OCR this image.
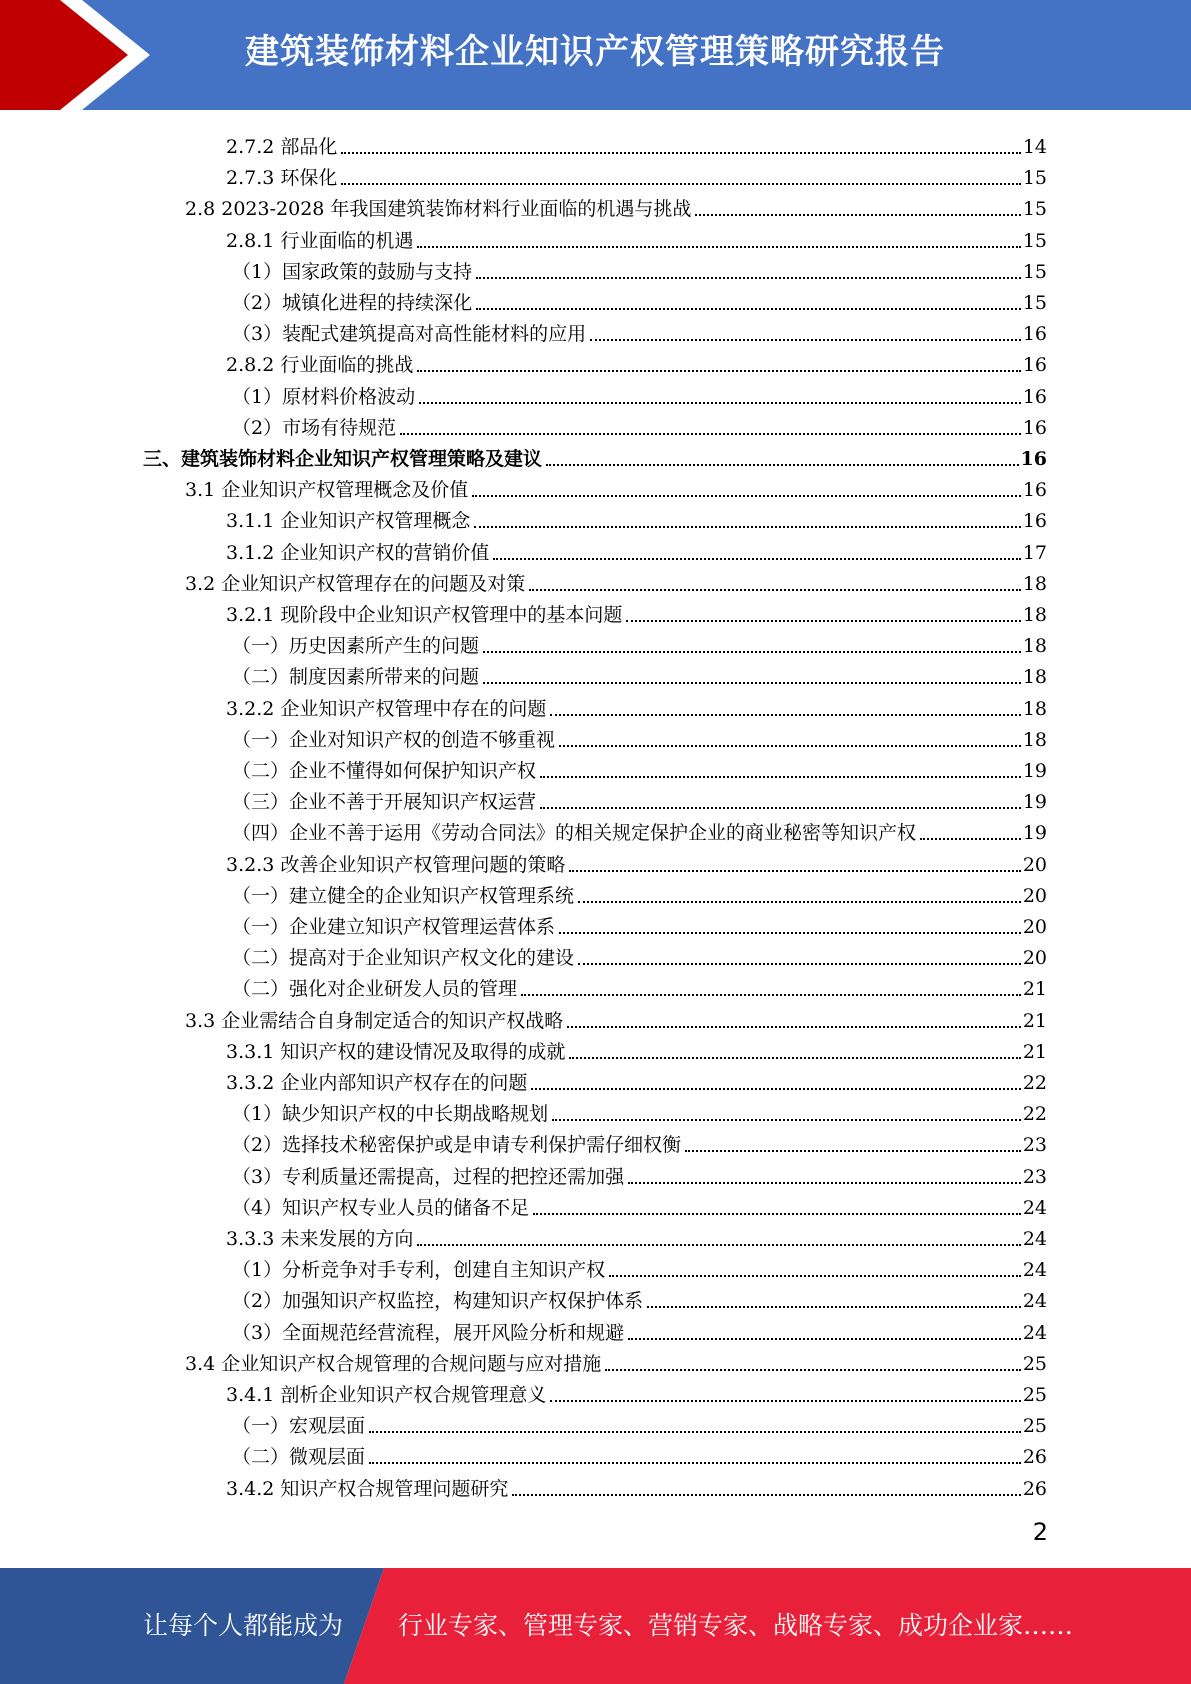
建筑装饰材料企业知识产权管理策略研究报告
2.7.2 部品化	14
2.7.3 环保化	15
2.8 2023-2028 年我国建筑装饰材料行业面临的机遇与挑战	15
2.8.1 行业面临的机遇	15
（1）国家政策的鼓励与支持	15
（2）城镇化进程的持续深化	15
（3）装配式建筑提高对高性能材料的应用	16
2.8.2 行业面临的挑战	16
（1）原材料价格波动	16
（2）市场有待规范	16
三、建筑装饰材料企业知识产权管理策略及建议	16
3.1 企业知识产权管理概念及价值	16
3.1.1 企业知识产权管理概念	16
3.1.2 企业知识产权的营销价值	17
3.2 企业知识产权管理存在的问题及对策	18
3.2.1 现阶段中企业知识产权管理中的基本问题	18
（一）历史因素所产生的问题	18
（二）制度因素所带来的问题	18
3.2.2 企业知识产权管理中存在的问题	18
（一）企业对知识产权的创造不够重视	18
（二）企业不懂得如何保护知识产权	19
（三）企业不善于开展知识产权运营	19
（四）企业不善于运用《劳动合同法》的相关规定保护企业的商业秘密等知识产权	19
3.2.3 改善企业知识产权管理问题的策略	20
（一）建立健全的企业知识产权管理系统	20
（一）企业建立知识产权管理运营体系	20
（二）提高对于企业知识产权文化的建设	20
（二）强化对企业研发人员的管理	21
3.3 企业需结合自身制定适合的知识产权战略	21
3.3.1 知识产权的建设情况及取得的成就	21
3.3.2 企业内部知识产权存在的问题	22
（1）缺少知识产权的中长期战略规划	22
（2）选择技术秘密保护或是申请专利保护需仔细权衡	23
（3）专利质量还需提高，过程的把控还需加强	23
（4）知识产权专业人员的储备不足	24
3.3.3 未来发展的方向	24
（1）分析竞争对手专利，创建自主知识产权	24
（2）加强知识产权监控，构建知识产权保护体系	24
（3）全面规范经营流程，展开风险分析和规避	24
3.4 企业知识产权合规管理的合规问题与应对措施	25
3.4.1 剖析企业知识产权合规管理意义	25
（一）宏观层面	25
（二）微观层面	26
3.4.2 知识产权合规管理问题研究	26
2
让每个人都能成为 行业专家、管理专家、营销专家、战略专家、成功企业家……
